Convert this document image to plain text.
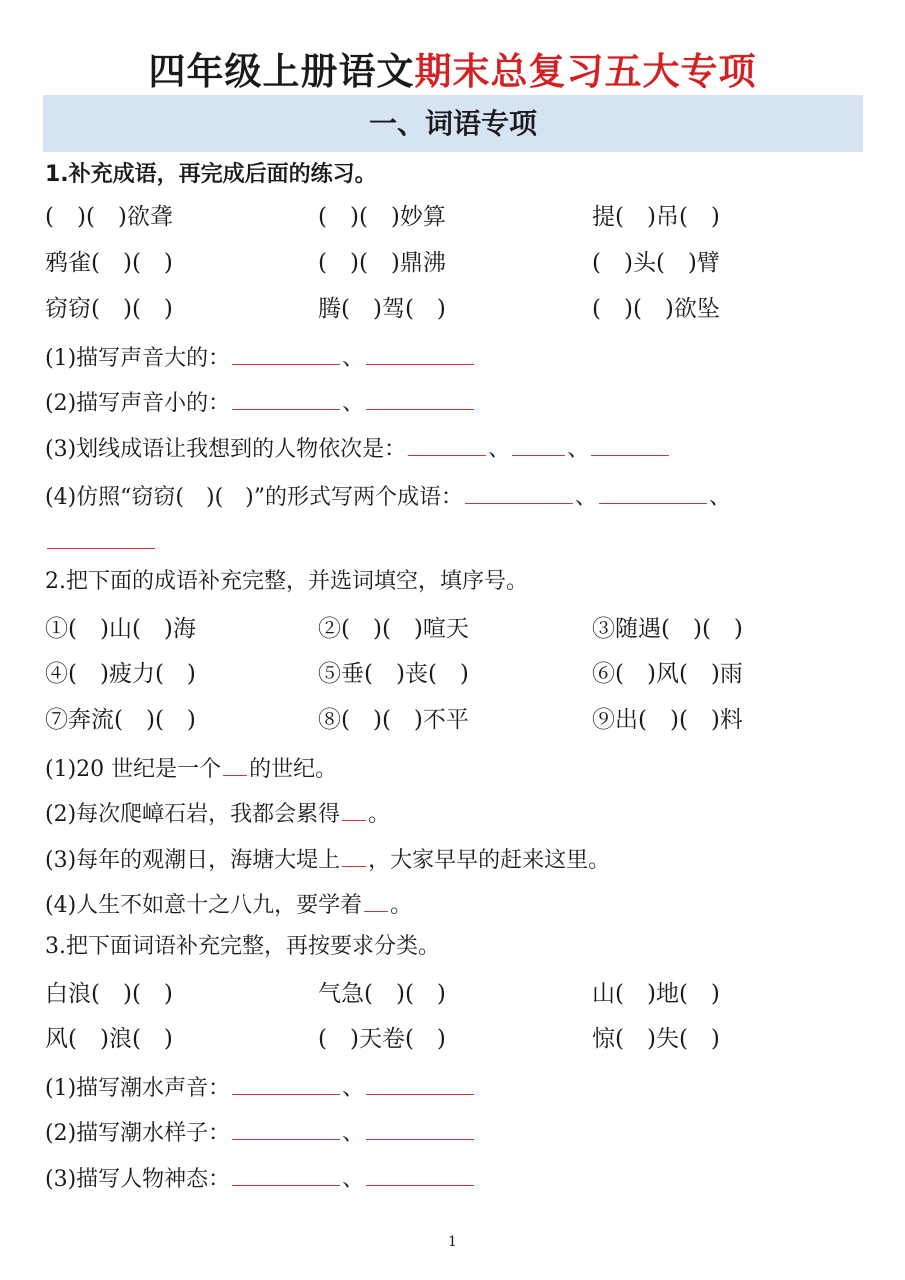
四年级上册语文期末总复习五大专项
一、词语专项
1.补充成语，再完成后面的练习。
(　)(　)欲聋	(　)(　)妙算	提(　)吊(　)
鸦雀(　)(　)	(　)(　)鼎沸	(　)头(　)臂
窃窃(　)(　)	腾(　)驾(　)	(　)(　)欲坠
(1)描写声音大的：	、
(2)描写声音小的：	、
(3)划线成语让我想到的人物依次是：	、	、
(4)仿照“窃窃(　)(　)”的形式写两个成语：	、	、
2.把下面的成语补充完整，并选词填空，填序号。
①(　)山(　)海	②(　)(　)喧天	③随遇(　)(　)
④(　)疲力(　)	⑤垂(　)丧(　)	⑥(　)风(　)雨
⑦奔流(　)(　)	⑧(　)(　)不平	⑨出(　)(　)料
(1)20 世纪是一个 的世纪。
(2)每次爬嶂石岩，我都会累得 。
(3)每年的观潮日，海塘大堤上 ，大家早早的赶来这里。
(4)人生不如意十之八九，要学着 。
3.把下面词语补充完整，再按要求分类。
白浪(　)(　)	气急(　)(　)	山(　)地(　)
风(　)浪(　)	(　)天卷(　)	惊(　)失(　)
(1)描写潮水声音：	、
(2)描写潮水样子：	、
(3)描写人物神态：	、
1
